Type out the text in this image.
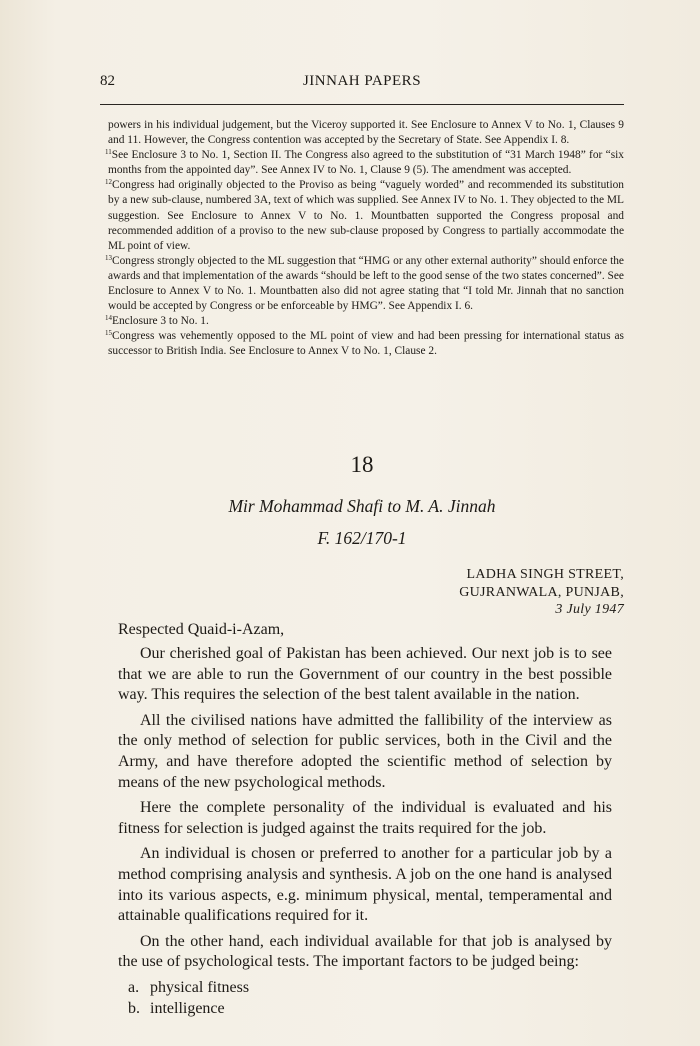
82	JINNAH PAPERS

powers in his individual judgement, but the Viceroy supported it. See Enclosure to Annex V to No. 1, Clauses 9 and 11. However, the Congress contention was accepted by the Secretary of State. See Appendix I. 8.

$^{11}$See Enclosure 3 to No. 1, Section II. The Congress also agreed to the substitution of “31 March 1948” for “six months from the appointed day”. See Annex IV to No. 1, Clause 9 (5). The amendment was accepted.

$^{12}$Congress had originally objected to the Proviso as being “vaguely worded” and recommended its substitution by a new sub-clause, numbered 3A, text of which was supplied. See Annex IV to No. 1. They objected to the ML suggestion. See Enclosure to Annex V to No. 1. Mountbatten supported the Congress proposal and recommended addition of a proviso to the new sub-clause proposed by Congress to partially accommodate the ML point of view.

$^{13}$Congress strongly objected to the ML suggestion that “HMG or any other external authority” should enforce the awards and that implementation of the awards “should be left to the good sense of the two states concerned”. See Enclosure to Annex V to No. 1. Mountbatten also did not agree stating that “I told Mr. Jinnah that no sanction would be accepted by Congress or be enforceable by HMG”. See Appendix I. 6.

$^{14}$Enclosure 3 to No. 1.

$^{15}$Congress was vehemently opposed to the ML point of view and had been pressing for international status as successor to British India. See Enclosure to Annex V to No. 1, Clause 2.

18
Mir Mohammad Shafi to M. A. Jinnah
F. 162/170-1
LADHA SINGH STREET,
GUJRANWALA, PUNJAB,
3 July 1947
Respected Quaid-i-Azam,

Our cherished goal of Pakistan has been achieved. Our next job is to see that we are able to run the Government of our country in the best possible way. This requires the selection of the best talent available in the nation.

All the civilised nations have admitted the fallibility of the interview as the only method of selection for public services, both in the Civil and the Army, and have therefore adopted the scientific method of selection by means of the new psychological methods.

Here the complete personality of the individual is evaluated and his fitness for selection is judged against the traits required for the job.

An individual is chosen or preferred to another for a particular job by a method comprising analysis and synthesis. A job on the one hand is analysed into its various aspects, e.g. minimum physical, mental, temperamental and attainable qualifications required for it.

On the other hand, each individual available for that job is analysed by the use of psychological tests. The important factors to be judged being:

a. physical fitness
b. intelligence
